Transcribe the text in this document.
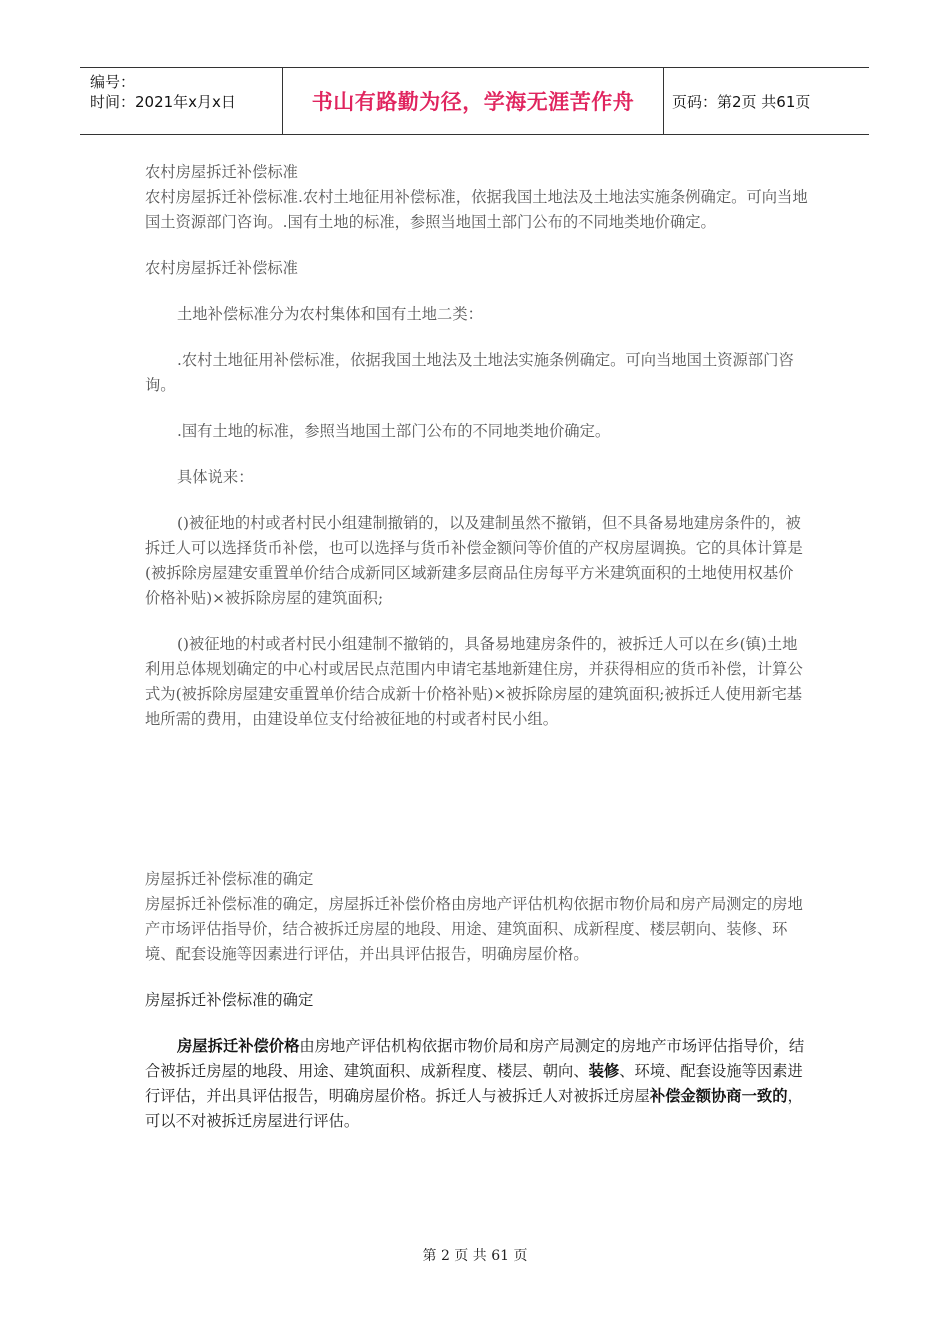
编号：
时间：2021年x月x日	书山有路勤为径，学海无涯苦作舟	页码：第2页 共61页

农村房屋拆迁补偿标准

农村房屋拆迁补偿标准.农村土地征用补偿标准，依据我国土地法及土地法实施条例确定。可向当地国土资源部门咨询。.国有土地的标准，参照当地国土部门公布的不同地类地价确定。

农村房屋拆迁补偿标准

土地补偿标准分为农村集体和国有土地二类：

.农村土地征用补偿标准，依据我国土地法及土地法实施条例确定。可向当地国土资源部门咨询。

.国有土地的标准，参照当地国土部门公布的不同地类地价确定。

具体说来：

()被征地的村或者村民小组建制撤销的，以及建制虽然不撤销，但不具备易地建房条件的，被拆迁人可以选择货币补偿，也可以选择与货币补偿金额问等价值的产权房屋调换。它的具体计算是(被拆除房屋建安重置单价结合成新同区域新建多层商品住房每平方米建筑面积的土地使用权基价价格补贴)×被拆除房屋的建筑面积;

()被征地的村或者村民小组建制不撤销的，具备易地建房条件的，被拆迁人可以在乡(镇)土地利用总体规划确定的中心村或居民点范围内申请宅基地新建住房，并获得相应的货币补偿，计算公式为(被拆除房屋建安重置单价结合成新十价格补贴)×被拆除房屋的建筑面积;被拆迁人使用新宅基地所需的费用，由建设单位支付给被征地的村或者村民小组。

房屋拆迁补偿标准的确定

房屋拆迁补偿标准的确定，房屋拆迁补偿价格由房地产评估机构依据市物价局和房产局测定的房地产市场评估指导价，结合被拆迁房屋的地段、用途、建筑面积、成新程度、楼层朝向、装修、环境、配套设施等因素进行评估，并出具评估报告，明确房屋价格。

房屋拆迁补偿标准的确定

房屋拆迁补偿价格由房地产评估机构依据市物价局和房产局测定的房地产市场评估指导价，结合被拆迁房屋的地段、用途、建筑面积、成新程度、楼层、朝向、装修、环境、配套设施等因素进行评估，并出具评估报告，明确房屋价格。拆迁人与被拆迁人对被拆迁房屋补偿金额协商一致的，可以不对被拆迁房屋进行评估。

第 2 页 共 61 页
